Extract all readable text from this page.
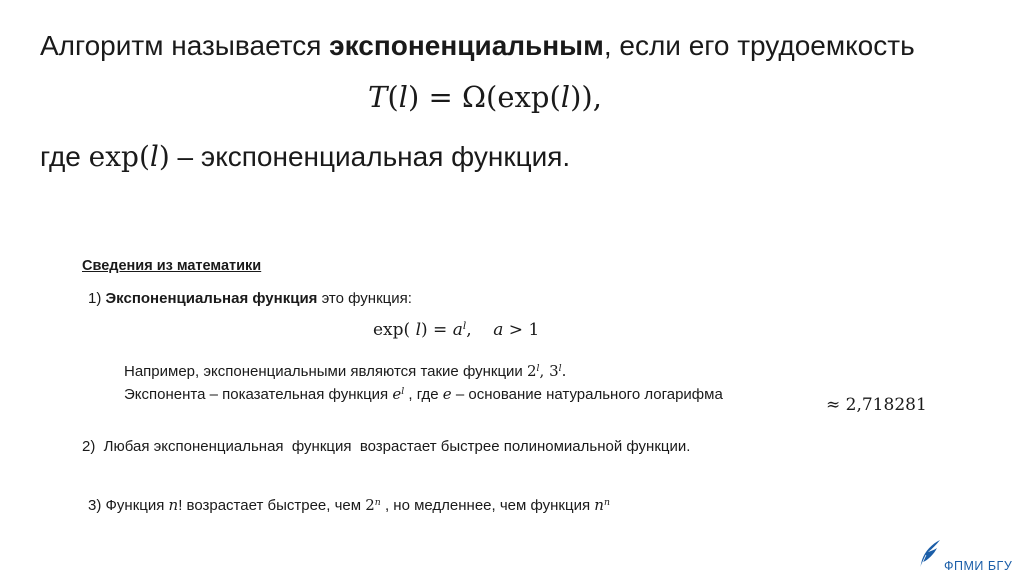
Алгоритм называется экспоненциальным, если его трудоемкость
T(l) = Ω(exp(l)),
где exp(l) – экспоненциальная функция.
Сведения из математики
1) Экспоненциальная функция это функция:
exp( $l) = a^l$,    a > 1
Например, экспоненциальными являются такие функции 2$^l$, 3$^l$.
Экспонента – показательная функция $e^l$ , где e – основание натурального логарифма
≈ 2,718281
2)  Любая экспоненциальная  функция  возрастает быстрее полиномиальной функции.
3) Функция n! возрастает быстрее, чем 2$^n$ , но медленнее, чем функция $n^n$
ФПМИ БГУ
